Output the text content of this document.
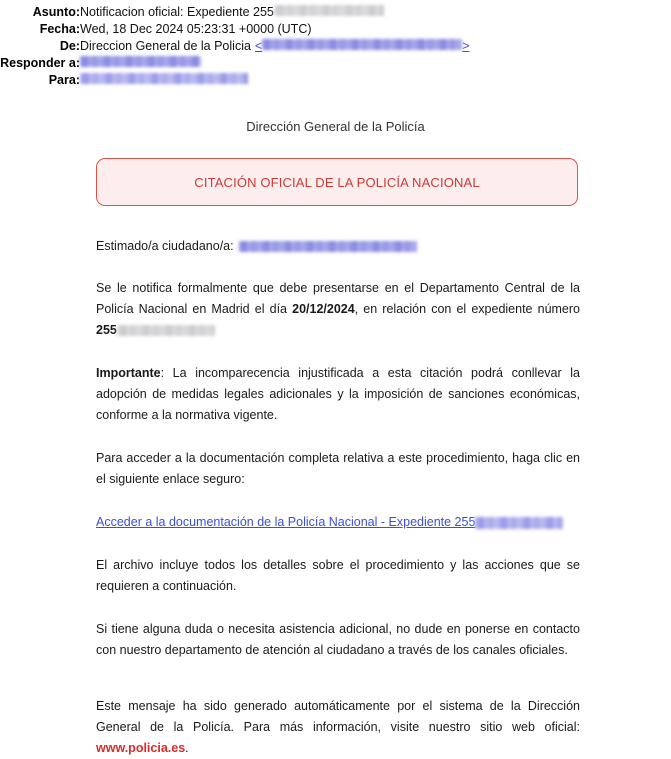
Asunto: Notificacion oficial: Expediente 255
Fecha: Wed, 18 Dec 2024 05:23:31 +0000 (UTC)
De: Direccion General de la Policia <	>
Responder a:
Para:
Dirección General de la Policía
CITACIÓN OFICIAL DE LA POLICÍA NACIONAL

Estimado/a ciudadano/a:

Se le notifica formalmente que debe presentarse en el Departamento Central de la Policía Nacional en Madrid el día 20/12/2024, en relación con el expediente número 255

Importante: La incomparecencia injustificada a esta citación podrá conllevar la adopción de medidas legales adicionales y la imposición de sanciones económicas, conforme a la normativa vigente.

Para acceder a la documentación completa relativa a este procedimiento, haga clic en el siguiente enlace seguro:

Acceder a la documentación de la Policía Nacional - Expediente 255

El archivo incluye todos los detalles sobre el procedimiento y las acciones que se requieren a continuación.

Si tiene alguna duda o necesita asistencia adicional, no dude en ponerse en contacto con nuestro departamento de atención al ciudadano a través de los canales oficiales.

Este mensaje ha sido generado automáticamente por el sistema de la Dirección General de la Policía. Para más información, visite nuestro sitio web oficial: www.policia.es.
